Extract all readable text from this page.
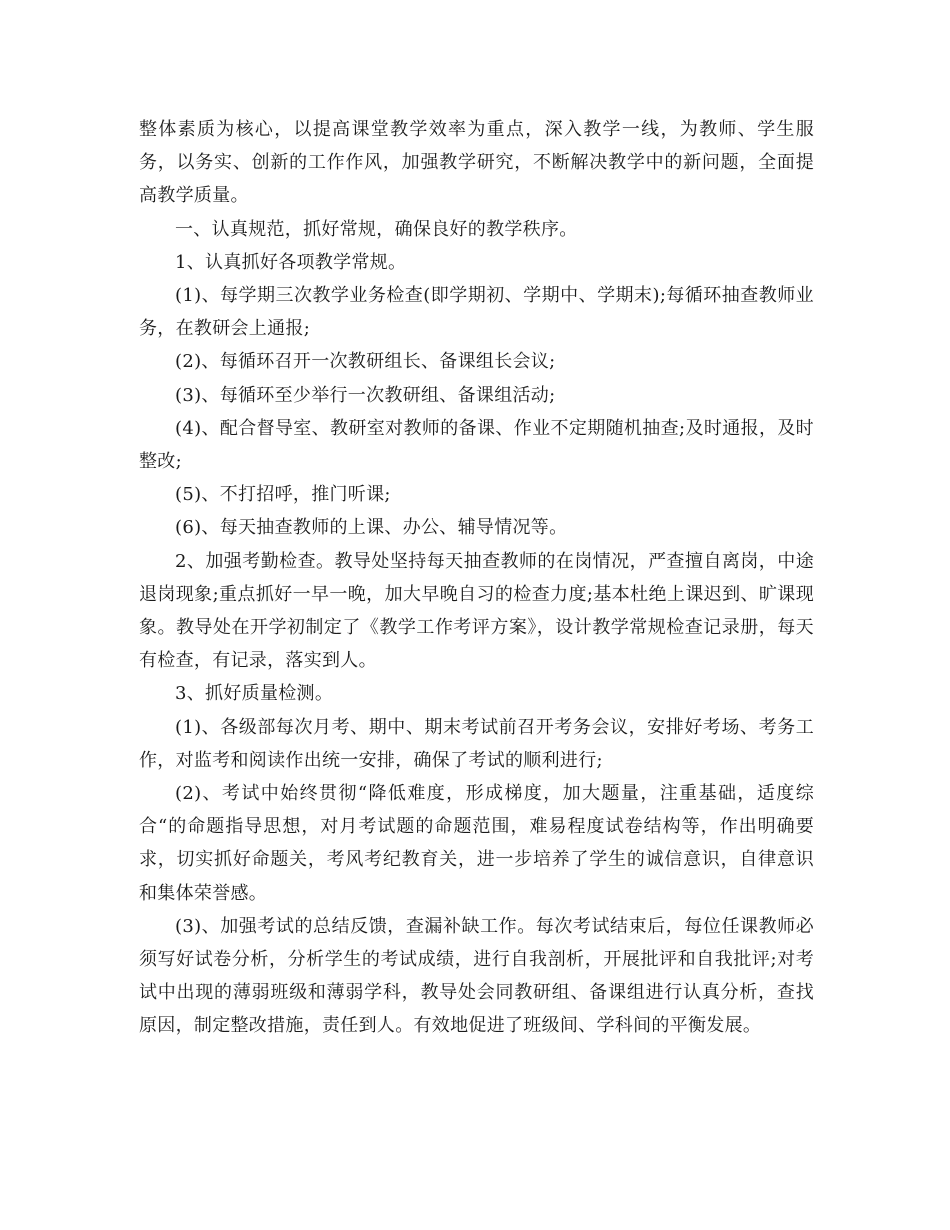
整体素质为核心，以提高课堂教学效率为重点，深入教学一线，为教师、学生服务，以务实、创新的工作作风，加强教学研究，不断解决教学中的新问题，全面提高教学质量。

一、认真规范，抓好常规，确保良好的教学秩序。

1、认真抓好各项教学常规。

(1)、每学期三次教学业务检查(即学期初、学期中、学期末);每循环抽查教师业务，在教研会上通报;

(2)、每循环召开一次教研组长、备课组长会议;

(3)、每循环至少举行一次教研组、备课组活动;

(4)、配合督导室、教研室对教师的备课、作业不定期随机抽查;及时通报，及时整改;

(5)、不打招呼，推门听课;

(6)、每天抽查教师的上课、办公、辅导情况等。

2、加强考勤检查。教导处坚持每天抽查教师的在岗情况，严查擅自离岗，中途退岗现象;重点抓好一早一晚，加大早晚自习的检查力度;基本杜绝上课迟到、旷课现象。教导处在开学初制定了《教学工作考评方案》，设计教学常规检查记录册，每天有检查，有记录，落实到人。

3、抓好质量检测。

(1)、各级部每次月考、期中、期末考试前召开考务会议，安排好考场、考务工作，对监考和阅读作出统一安排，确保了考试的顺利进行;

(2)、考试中始终贯彻“降低难度，形成梯度，加大题量，注重基础，适度综合“的命题指导思想，对月考试题的命题范围，难易程度试卷结构等，作出明确要求，切实抓好命题关，考风考纪教育关，进一步培养了学生的诚信意识，自律意识和集体荣誉感。

(3)、加强考试的总结反馈，查漏补缺工作。每次考试结束后，每位任课教师必须写好试卷分析，分析学生的考试成绩，进行自我剖析，开展批评和自我批评;对考试中出现的薄弱班级和薄弱学科，教导处会同教研组、备课组进行认真分析，查找原因，制定整改措施，责任到人。有效地促进了班级间、学科间的平衡发展。
